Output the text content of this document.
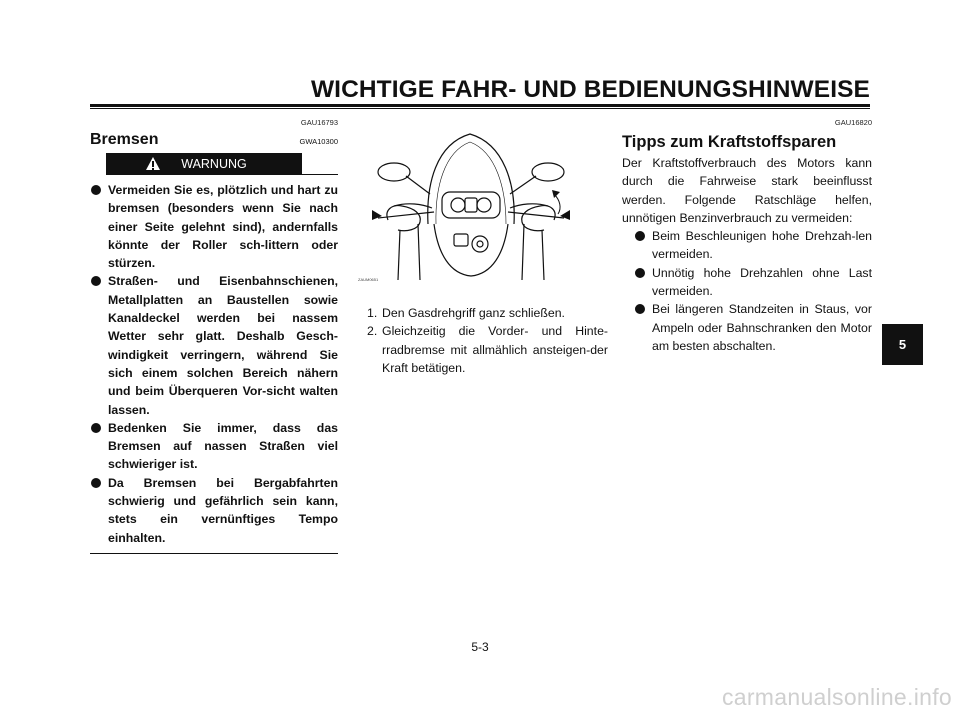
WICHTIGE FAHR- UND BEDIENUNGSHINWEISE
GAU16793
Bremsen	GWA10300
WARNUNG
Vermeiden Sie es, plötzlich und hart zu bremsen (besonders wenn Sie nach einer Seite gelehnt sind), andernfalls könnte der Roller sch-littern oder stürzen.
Straßen- und Eisenbahnschienen, Metallplatten an Baustellen sowie Kanaldeckel werden bei nassem Wetter sehr glatt. Deshalb Gesch-windigkeit verringern, während Sie sich einem solchen Bereich nähern und beim Überqueren Vor-sicht walten lassen.
Bedenken Sie immer, dass das Bremsen auf nassen Straßen viel schwieriger ist.
Da Bremsen bei Bergabfahrten schwierig und gefährlich sein kann, stets ein vernünftiges Tempo einhalten.
ZAUM0651
1. Den Gasdrehgriff ganz schließen.
2. Gleichzeitig die Vorder- und Hinte-rradbremse mit allmählich ansteigen-der Kraft betätigen.
GAU16820
Tipps zum Kraftstoffsparen

Der Kraftstoffverbrauch des Motors kann durch die Fahrweise stark beeinflusst werden. Folgende Ratschläge helfen, unnötigen Benzinverbrauch zu vermeiden:

Beim Beschleunigen hohe Drehzah-len vermeiden.
Unnötig hohe Drehzahlen ohne Last vermeiden.
Bei längeren Standzeiten in Staus, vor Ampeln oder Bahnschranken den Motor am besten abschalten.	5
5-3
carmanualsonline.info
